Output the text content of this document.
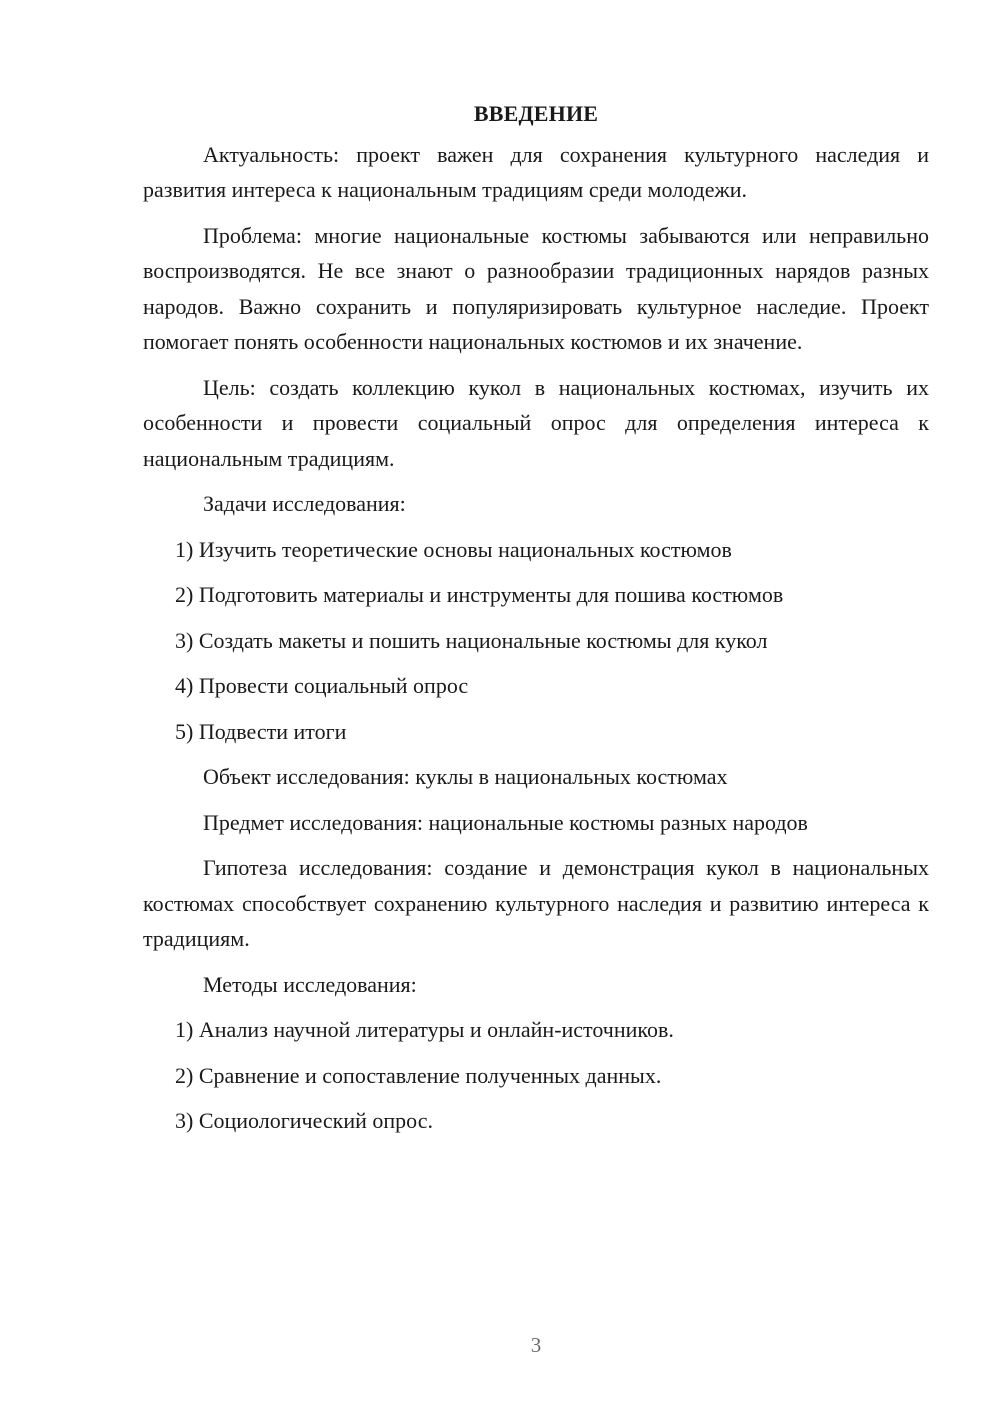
ВВЕДЕНИЕ

Актуальность: проект важен для сохранения культурного наследия и развития интереса к национальным традициям среди молодежи.

Проблема: многие национальные костюмы забываются или неправильно воспроизводятся. Не все знают о разнообразии традиционных нарядов разных народов. Важно сохранить и популяризировать культурное наследие. Проект помогает понять особенности национальных костюмов и их значение.

Цель: создать коллекцию кукол в национальных костюмах, изучить их особенности и провести социальный опрос для определения интереса к национальным традициям.

Задачи исследования:

1) Изучить теоретические основы национальных костюмов

2) Подготовить материалы и инструменты для пошива костюмов

3) Создать макеты и пошить национальные костюмы для кукол

4) Провести социальный опрос

5) Подвести итоги

Объект исследования: куклы в национальных костюмах

Предмет исследования: национальные костюмы разных народов

Гипотеза исследования: создание и демонстрация кукол в национальных костюмах способствует сохранению культурного наследия и развитию интереса к традициям.

Методы исследования:

1) Анализ научной литературы и онлайн-источников.

2) Сравнение и сопоставление полученных данных.

3) Социологический опрос.

3
